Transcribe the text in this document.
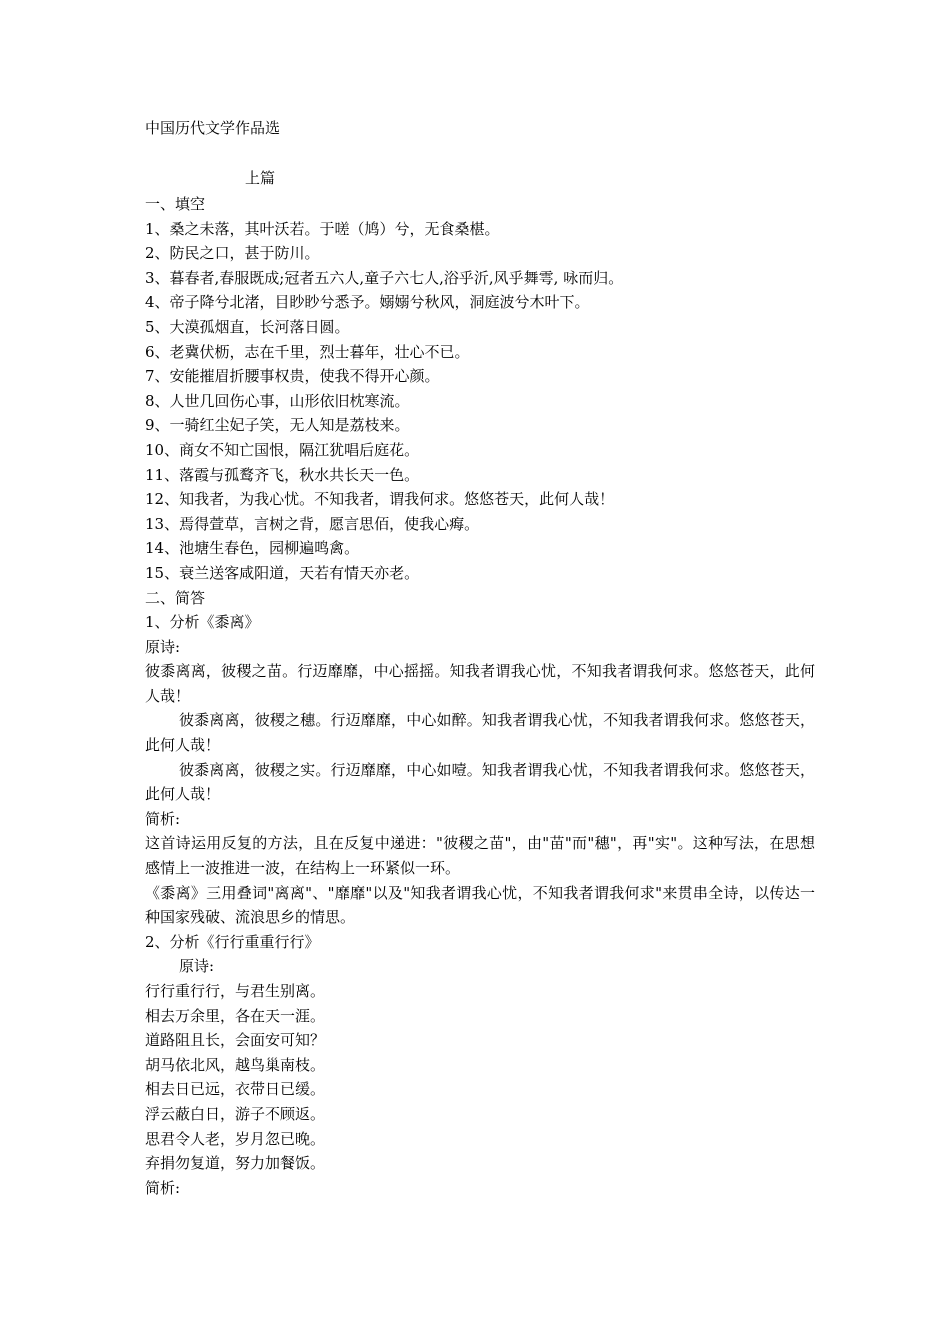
中国历代文学作品选
上篇

一、填空

1、桑之未落，其叶沃若。于嗟（鸠）兮，无食桑椹。

2、防民之口，甚于防川。

3、暮春者,春服既成;冠者五六人,童子六七人,浴乎沂,风乎舞雩, 咏而归。

4、帝子降兮北渚，目眇眇兮悉予。嫋嫋兮秋风，洞庭波兮木叶下。

5、大漠孤烟直，长河落日圆。

6、老冀伏枥，志在千里，烈士暮年，壮心不已。

7、安能摧眉折腰事权贵，使我不得开心颜。

8、人世几回伤心事，山形依旧枕寒流。

9、一骑红尘妃子笑，无人知是荔枝来。

10、商女不知亡国恨，隔江犹唱后庭花。

11、落霞与孤鹜齐飞，秋水共长天一色。

12、知我者，为我心忧。不知我者，谓我何求。悠悠苍天，此何人哉！

13、焉得萱草，言树之背，愿言思佰，使我心痗。

14、池塘生春色，园柳遍鸣禽。

15、衰兰送客咸阳道，天若有情天亦老。

二、简答

1、分析《黍离》

原诗:

彼黍离离，彼稷之苗。行迈靡靡，中心摇摇。知我者谓我心忧，不知我者谓我何求。悠悠苍天，此何人哉！

彼黍离离，彼稷之穗。行迈靡靡，中心如醉。知我者谓我心忧，不知我者谓我何求。悠悠苍天，此何人哉！

彼黍离离，彼稷之实。行迈靡靡，中心如噎。知我者谓我心忧，不知我者谓我何求。悠悠苍天，此何人哉！

简析:

这首诗运用反复的方法，且在反复中递进："彼稷之苗"，由"苗"而"穗"，再"实"。这种写法，在思想感情上一波推进一波，在结构上一环紧似一环。

《黍离》三用叠词"离离"、"靡靡"以及"知我者谓我心忧，不知我者谓我何求"来贯串全诗，以传达一种国家残破、流浪思乡的情思。

2、分析《行行重重行行》

原诗:

行行重行行，与君生别离。

相去万余里，各在天一涯。

道路阻且长，会面安可知？

胡马依北风，越鸟巢南枝。

相去日已远，衣带日已缓。

浮云蔽白日，游子不顾返。

思君令人老，岁月忽已晚。

弃捐勿复道，努力加餐饭。

简析:
